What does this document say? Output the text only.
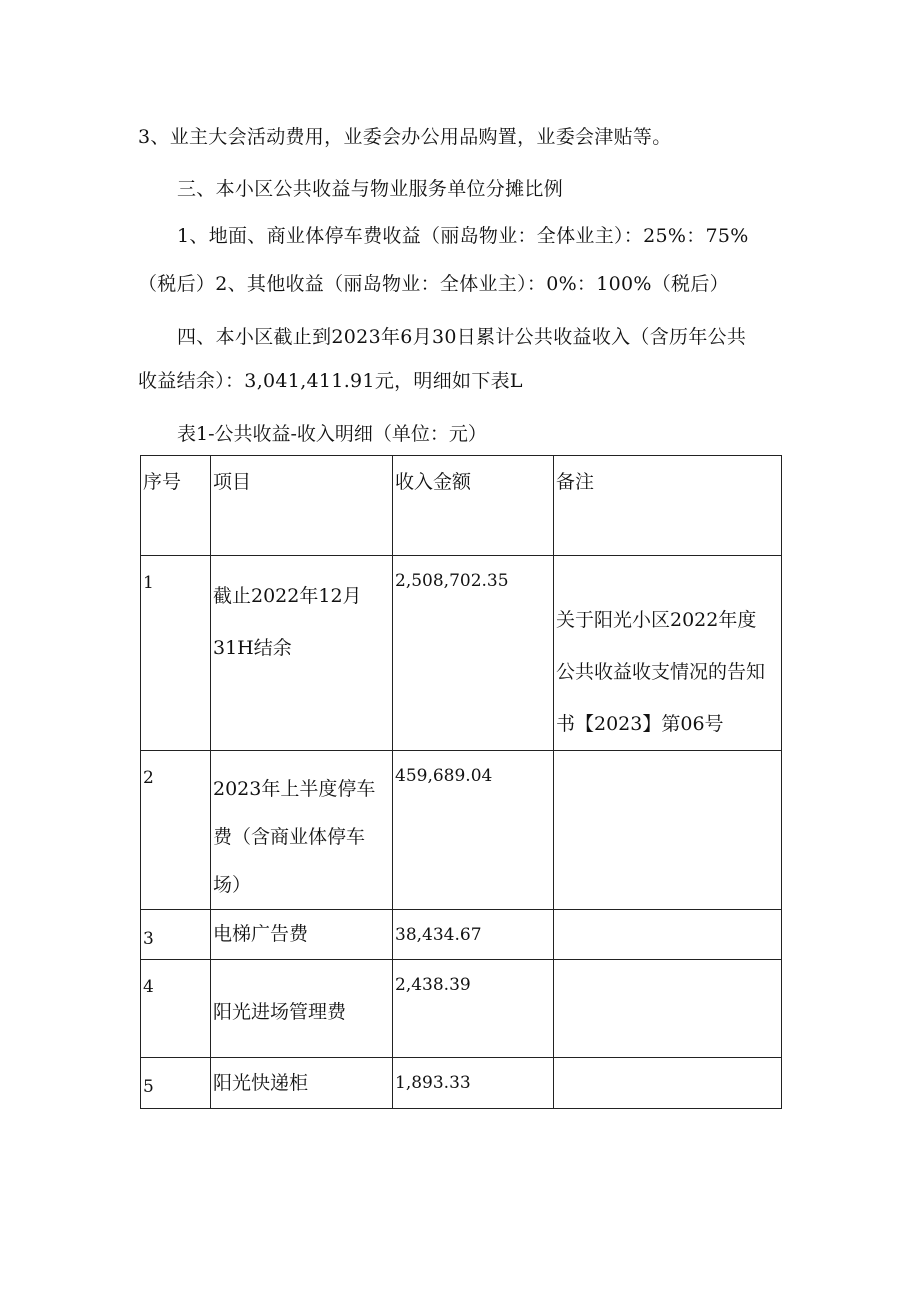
3、业主大会活动费用，业委会办公用品购置，业委会津贴等。
三、本小区公共收益与物业服务单位分摊比例
1、地面、商业体停车费收益（丽岛物业：全体业主）：25%：75%
（税后）2、其他收益（丽岛物业：全体业主）：0%：100%（税后）
四、本小区截止到2023年6月30日累计公共收益收入（含历年公共
收益结余）：3,041,411.91元，明细如下表L
表1-公共收益-收入明细（单位：元）
序号	项目	收入金额	备注

1	截止2022年12月
31H结余	2,508,702.35	关于阳光小区2022年度
公共收益收支情况的告知
书【2023】第06号

2	2023年上半度停车
费（含商业体停车
场）	459,689.04	

3	电梯广告费	38,434.67	

4	阳光进场管理费	2,438.39	

5	阳光快递柜	1,893.33	
